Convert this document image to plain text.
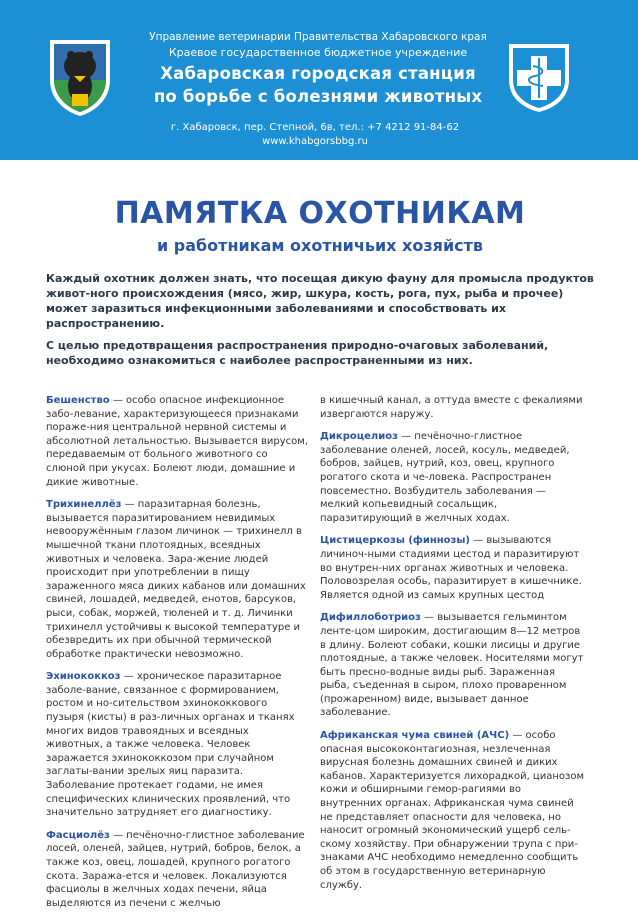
Управление ветеринарии Правительства Хабаровского края
Краевое государственное бюджетное учреждение
Хабаровская городская станция
по борьбе с болезнями животных
г. Хабаровск, пер. Степной, 6в, тел.: +7 4212 91-84-62
www.khabgorsbbg.ru
ПАМЯТКА ОХОТНИКАМ
и работникам охотничьих хозяйств

Каждый охотник должен знать, что посещая дикую фауну для промысла продуктов живот-ного происхождения (мясо, жир, шкура, кость, рога, пух, рыба и прочее) может заразиться инфекционными заболеваниями и способствовать их распространению.

С целью предотвращения распространения природно-очаговых заболеваний, необходимо ознакомиться с наиболее распространенными из них.

Бешенство — особо опасное инфекционное забо-левание, характеризующееся признаками пораже-ния центральной нервной системы и абсолютной летальностью. Вызывается вирусом, передаваемым от больного животного со слюной при укусах. Болеют люди, домашние и дикие животные.

Трихинеллёз — паразитарная болезнь, вызывается паразитированием невидимых невооружённым глазом личинок — трихинелл в мышечной ткани плотоядных, всеядных животных и человека. Зара-жение людей происходит при употреблении в пищу зараженного мяса диких кабанов или домашних свиней, лошадей, медведей, енотов, барсуков, рыси, собак, моржей, тюленей и т. д. Личинки трихинелл устойчивы к высокой температуре и обезвредить их при обычной термической обработке практически невозможно.

Эхинококкоз — хроническое паразитарное заболе-вание, связанное с формированием, ростом и но-сительством эхинококкового пузыря (кисты) в раз-личных органах и тканях многих видов травоядных и всеядных животных, а также человека. Человек заражается эхинококкозом при случайном заглаты-вании зрелых яиц паразита. Заболевание протекает годами, не имея специфических клинических проявлений, что значительно затрудняет его диагностику.

Фасциолёз — печёночно-глистное заболевание лосей, оленей, зайцев, нутрий, бобров, белок, а также коз, овец, лошадей, крупного рогатого скота. Заража-ется и человек. Локализуются фасциолы в желчных ходах печени, яйца выделяются из печени с желчью

в кишечный канал, а оттуда вместе с фекалиями извергаются наружу.

Дикроцелиоз — печёночно-глистное заболевание оленей, лосей, косуль, медведей, бобров, зайцев, нутрий, коз, овец, крупного рогатого скота и че-ловека. Распространен повсеместно. Возбудитель заболевания — мелкий копьевидный сосальщик, паразитирующий в желчных ходах.

Цистицеркозы (финнозы) — вызываются личиноч-ными стадиями цестод и паразитируют во внутрен-них органах животных и человека. Половозрелая особь, паразитирует в кишечнике. Является одной из самых крупных цестод

Дифиллоботриоз — вызывается гельминтом ленте-цом широким, достигающим 8—12 метров в длину. Болеют собаки, кошки лисицы и другие плотоядные, а также человек. Носителями могут быть пресно-водные виды рыб. Зараженная рыба, съеденная в сыром, плохо проваренном (прожаренном) виде, вызывает данное заболевание.

Африканская чума свиней (АЧС) — особо опасная высококонтагиозная, незлеченная вирусная болезнь домашних свиней и диких кабанов. Характеризуется лихорадкой, цианозом кожи и обширными гемор-рагиями во внутренних органах. Африканская чума свиней не представляет опасности для человека, но наносит огромный экономический ущерб сель-скому хозяйству. При обнаружении трупа с при-знаками АЧС необходимо немедленно сообщить об этом в государственную ветеринарную службу.
